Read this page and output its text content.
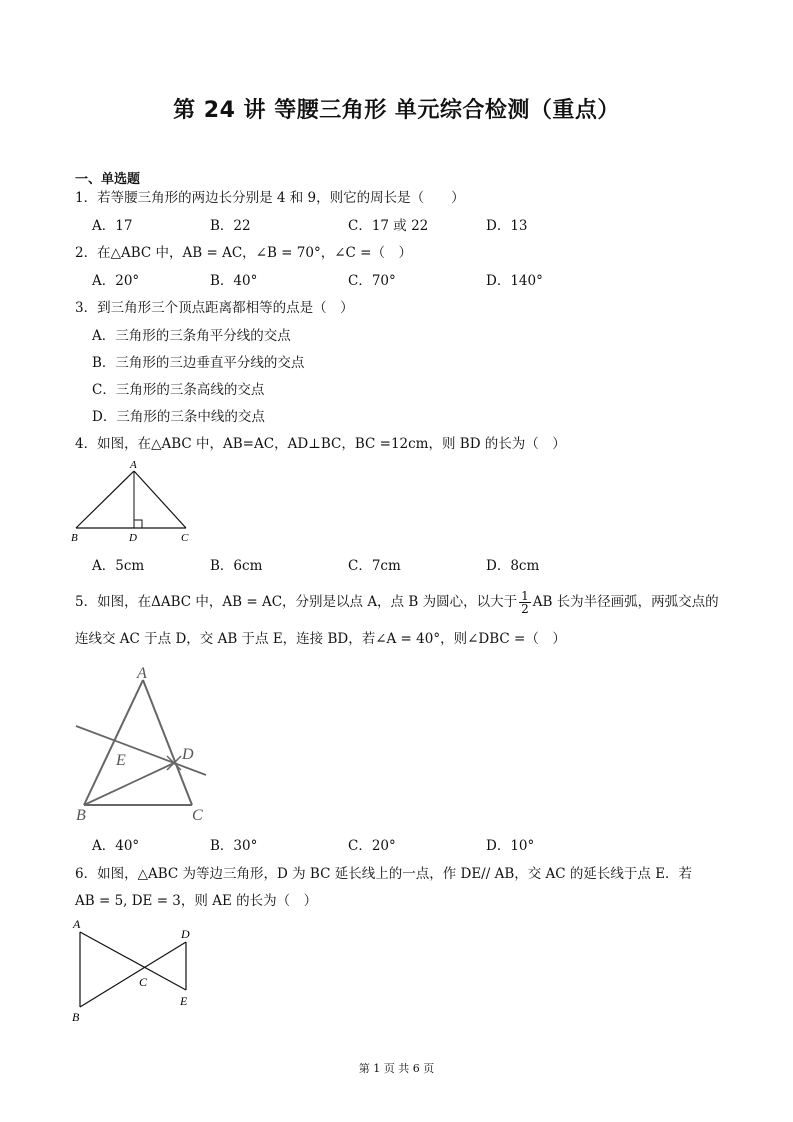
第 24 讲 等腰三角形 单元综合检测（重点）
一、单选题
1．若等腰三角形的两边长分别是 4 和 9，则它的周长是（　　）
A．17	B．22	C．17 或 22	D．13
2．在△ABC 中，AB = AC，∠B = 70°，∠C =（　）
A．20°	B．40°	C．70°	D．140°
3．到三角形三个顶点距离都相等的点是（　）
A．三角形的三条角平分线的交点
B．三角形的三边垂直平分线的交点
C．三角形的三条高线的交点
D．三角形的三条中线的交点
4．如图，在△ABC 中，AB=AC，AD⊥BC，BC =12cm，则 BD 的长为（　）
A
B	D	C
A．5cm	B．6cm	C．7cm	D．8cm
5．如图，在ΔABC 中，AB = AC，分别是以点 A，点 B 为圆心，以大于 $\frac{1}{2}$ AB 长为半径画弧，两弧交点的
连线交 AC 于点 D，交 AB 于点 E，连接 BD，若∠A = 40°，则∠DBC =（　）
A
E	D
B	C
A．40°	B．30°	C．20°	D．10°
6．如图，△ABC 为等边三角形，D 为 BC 延长线上的一点，作 DE// AB，交 AC 的延长线于点 E．若
AB = 5, DE = 3，则 AE 的长为（　）
A
D
C
B
E
第 1 页 共 6 页
